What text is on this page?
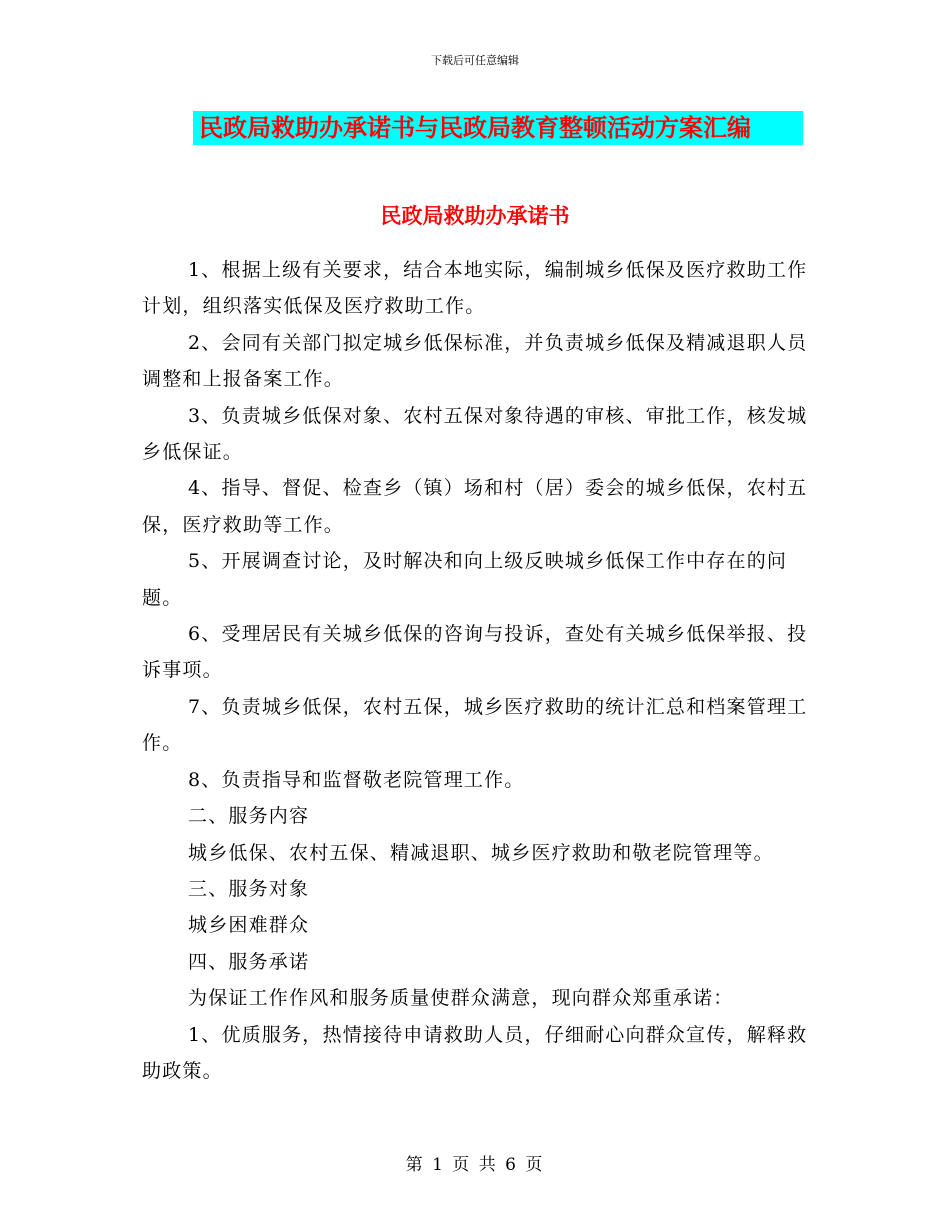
下载后可任意编辑
民政局救助办承诺书与民政局教育整顿活动方案汇编
民政局救助办承诺书

1、根据上级有关要求，结合本地实际，编制城乡低保及医疗救助工作计划，组织落实低保及医疗救助工作。

2、会同有关部门拟定城乡低保标准，并负责城乡低保及精减退职人员调整和上报备案工作。

3、负责城乡低保对象、农村五保对象待遇的审核、审批工作，核发城乡低保证。

4、指导、督促、检查乡（镇）场和村（居）委会的城乡低保，农村五保，医疗救助等工作。

5、开展调查讨论，及时解决和向上级反映城乡低保工作中存在的问题。

6、受理居民有关城乡低保的咨询与投诉，查处有关城乡低保举报、投诉事项。

7、负责城乡低保，农村五保，城乡医疗救助的统计汇总和档案管理工作。

8、负责指导和监督敬老院管理工作。

二、服务内容

城乡低保、农村五保、精减退职、城乡医疗救助和敬老院管理等。

三、服务对象

城乡困难群众

四、服务承诺

为保证工作作风和服务质量使群众满意，现向群众郑重承诺：

1、优质服务，热情接待申请救助人员，仔细耐心向群众宣传，解释救助政策。

第 1 页 共 6 页
